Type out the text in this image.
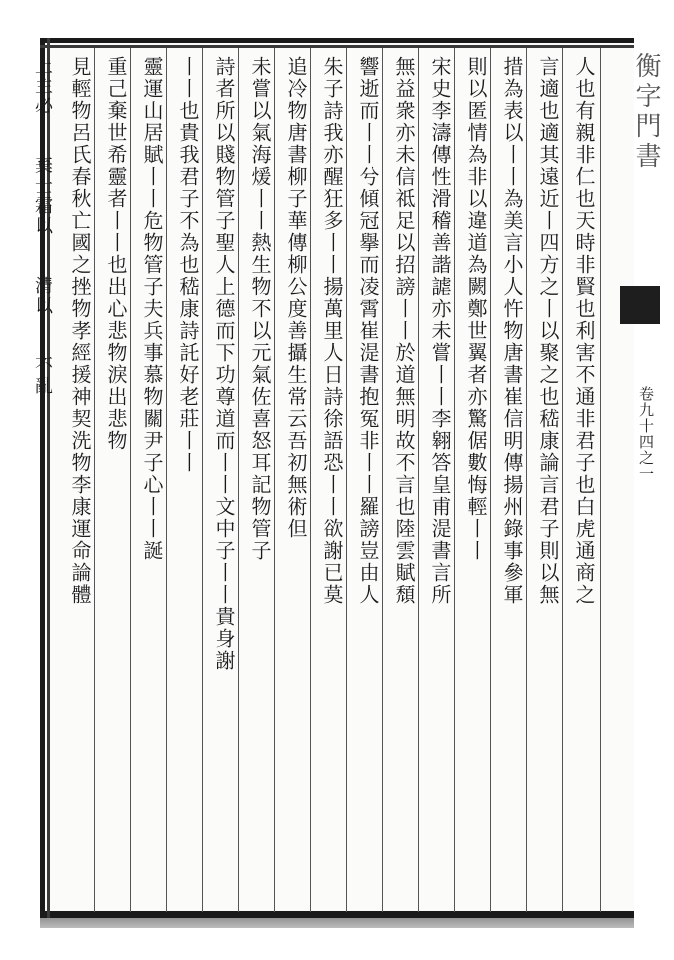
衡字門書
卷九十四之一
人也有親非仁也天時非賢也利害不通非君子也白虎通商之
言適也適其遠近丨四方之丨以聚之也嵇康論言君子則以無
措為表以丨丨為美言小人忤物唐書崔信明傳揚州錄事參軍
則以匿情為非以違道為闕鄭世翼者亦驚倨數悔輕丨丨
宋史李濤傳性滑稽善諧謔亦未嘗丨丨李翱答皇甫湜書言所
無益衆亦未信祗足以招謗丨丨於道無明故不言也陸雲賦頹
響逝而丨丨兮傾冠擧而凌霄崔湜書抱冤非丨丨羅謗豈由人
朱子詩我亦醒狂多丨丨揚萬里人日詩徐語恐丨丨欲謝已莫
追冷物唐書柳子華傳柳公度善攝生常云吾初無術但
未嘗以氣海煖丨丨熱生物不以元氣佐喜怒耳記物管子
詩者所以賤物管子聖人上德而下功尊道而丨丨文中子丨丨貴身謝
丨丨也貴我君子不為也嵇康詩託好老莊丨丨
靈運山居賦丨丨危物管子夫兵事慕物關尹子心丨丨誕
重己棄世希靈者丨丨也出心悲物淚出悲物
見輕物呂氏春秋亡國之挫物孝經援神契洗物李康運命論體
上主必丨丨棄士霜以丨丨清以丨丨不亂
